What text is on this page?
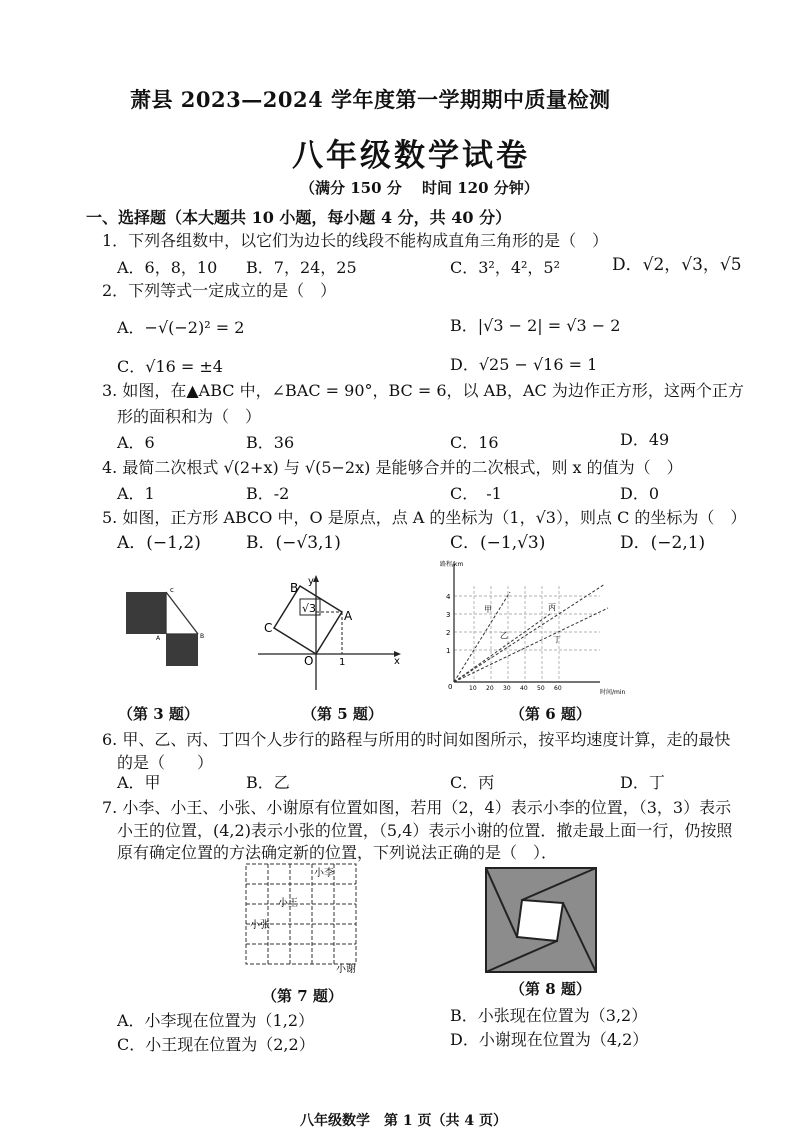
萧县 2023—2024 学年度第一学期期中质量检测
八年级数学试卷
（满分 150 分　 时间 120 分钟）
一、选择题（本大题共 10 小题，每小题 4 分，共 40 分）
1．下列各组数中，以它们为边长的线段不能构成直角三角形的是（　）
A．6，8，10 B．7，24，25	C．3²，4²，5²	D．√2，√3，√5
2．下列等式一定成立的是（　）
A．−√(−2)² = 2	B．|√3 − 2| = √3 − 2
C．√16 = ±4	D．√25 − √16 = 1
3. 如图，在▲ABC 中，∠BAC = 90°，BC = 6，以 AB，AC 为边作正方形，这两个正方
形的面积和为（　）
A．6	B．36	C．16	D．49
4. 最简二次根式 √(2+x) 与 √(5−2x) 是能够合并的二次根式，则 x 的值为（　）
A．1	B．-2	C．　-1	D．0
5. 如图，正方形 ABCO 中，O 是原点，点 A 的坐标为（1，√3），则点 C 的坐标为（　）
A．(−1,2)	B．(−√3,1)	C．(−1,√3)	D．(−2,1)
c
A	B
（第 3 题）
√3
B y
A
C
O	1	x
（第 5 题）
路程/km
时间/min
0
1
2
3
4
10 20 30 40 50 60
甲
乙
丙
丁
（第 6 题）
6. 甲、乙、丙、丁四个人步行的路程与所用的时间如图所示，按平均速度计算，走的最快
的是（　　）
A．甲	B．乙	C．丙	D．丁
7. 小李、小王、小张、小谢原有位置如图，若用（2，4）表示小李的位置，（3，3）表示
小王的位置，(4,2)表示小张的位置，（5,4）表示小谢的位置．撤走最上面一行，仍按照
原有确定位置的方法确定新的位置，下列说法正确的是（　）．
小李
小王
小张
小谢
（第 7 题）	（第 8 题）
A．小李现在位置为（1,2）	B．小张现在位置为（3,2）
C．小王现在位置为（2,2）	D．小谢现在位置为（4,2）
八年级数学　第 1 页（共 4 页）
